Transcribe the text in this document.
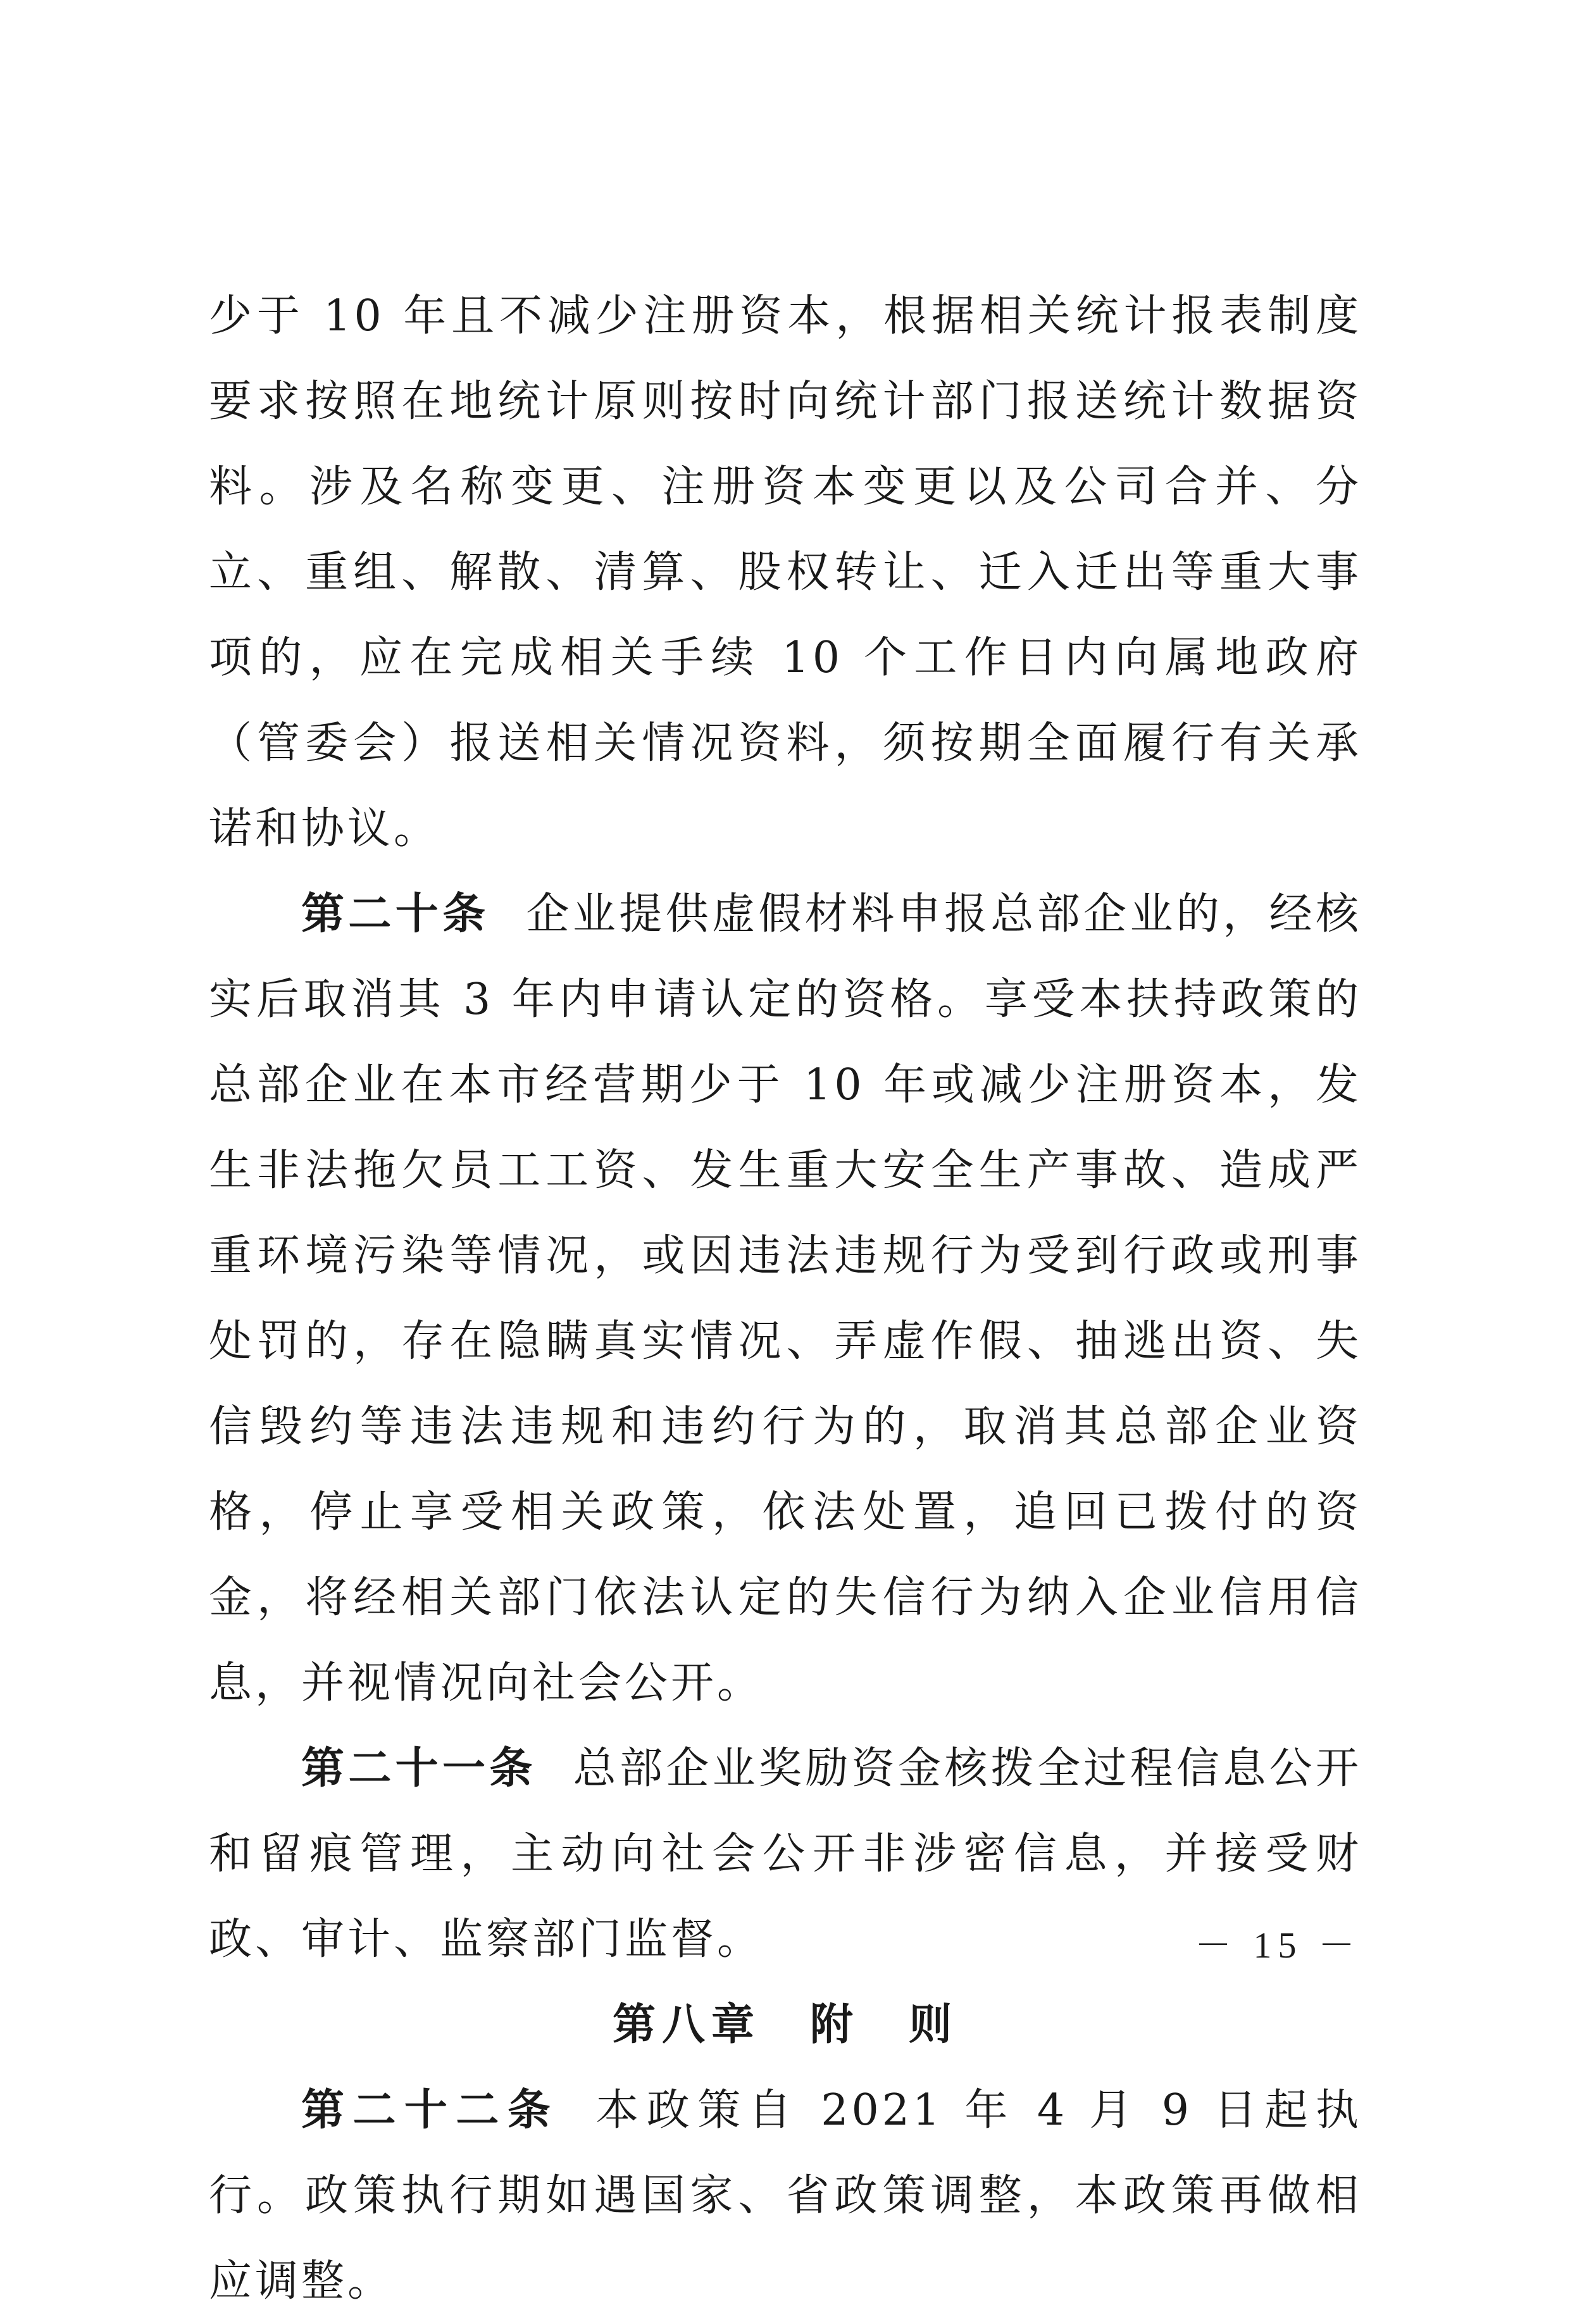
少于 10 年且不减少注册资本，根据相关统计报表制度要求按照在地统计原则按时向统计部门报送统计数据资料。涉及名称变更、注册资本变更以及公司合并、分立、重组、解散、清算、股权转让、迁入迁出等重大事项的，应在完成相关手续 10 个工作日内向属地政府（管委会）报送相关情况资料，须按期全面履行有关承诺和协议。

第二十条 企业提供虚假材料申报总部企业的，经核实后取消其 3 年内申请认定的资格。享受本扶持政策的总部企业在本市经营期少于 10 年或减少注册资本，发生非法拖欠员工工资、发生重大安全生产事故、造成严重环境污染等情况，或因违法违规行为受到行政或刑事处罚的，存在隐瞒真实情况、弄虚作假、抽逃出资、失信毁约等违法违规和违约行为的，取消其总部企业资格，停止享受相关政策，依法处置，追回已拨付的资金，将经相关部门依法认定的失信行为纳入企业信用信息，并视情况向社会公开。

第二十一条 总部企业奖励资金核拨全过程信息公开和留痕管理，主动向社会公开非涉密信息，并接受财政、审计、监察部门监督。

第八章　附　则

第二十二条 本政策自 2021 年 4 月 9 日起执行。政策执行期如遇国家、省政策调整，本政策再做相应调整。

－ 15 －
